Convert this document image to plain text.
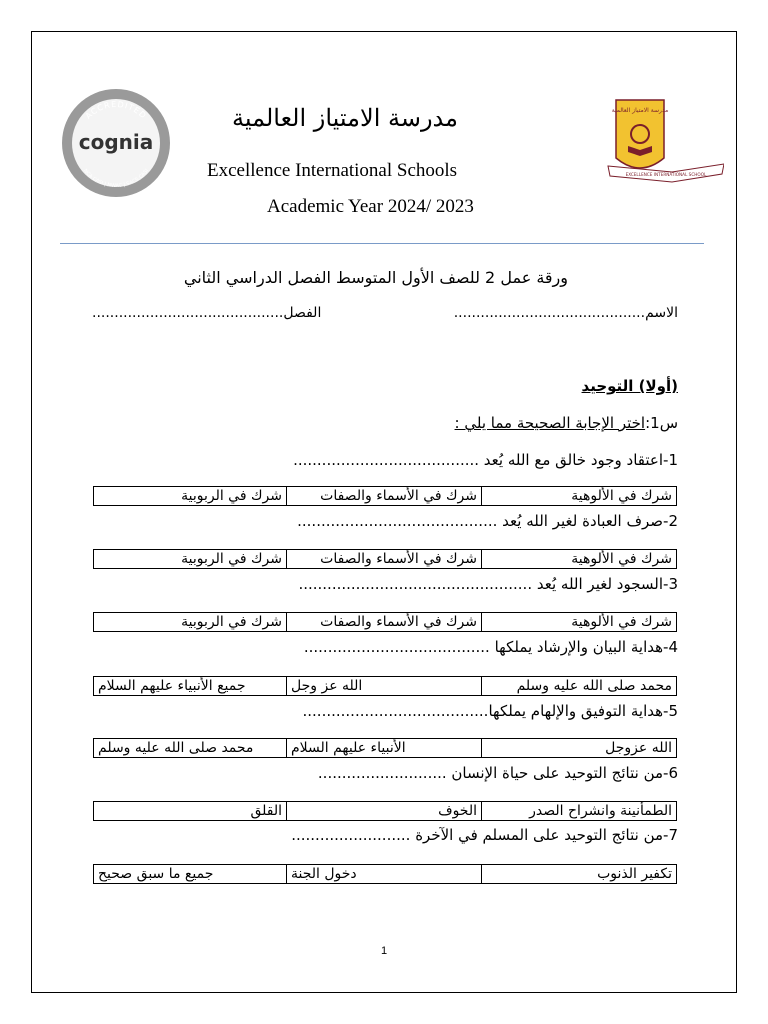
ACCREDITED
NCA CASI | NWAC | SACS CASI
cognia
مدرسة الامتياز العالمية
EXCELLENCE INTERNATIONAL SCHOOL
مدرسة الامتياز العالمية
Excellence International Schools
Academic Year 2024/ 2023
ورقة عمل 2 للصف الأول المتوسط الفصل الدراسي الثاني
الاسم...........................................
الفصل...........................................
(أولا) التوحيد
س1:اختر الإجابة الصحيحة مما يلي :
1-اعتقاد وجود خالق مع الله يُعد .......................................
شرك في الألوهية	شرك في الأسماء والصفات	شرك في الربوبية
2-صرف العبادة لغير الله يُعد ..........................................
شرك في الألوهية	شرك في الأسماء والصفات	شرك في الربوبية
3-السجود لغير الله يُعد .................................................
شرك في الألوهية	شرك في الأسماء والصفات	شرك في الربوبية
4-هداية البيان والإرشاد يملكها .......................................
محمد صلى الله عليه وسلم	الله عز وجل	جميع الأنبياء عليهم السلام
5-هداية التوفيق والإلهام يملكها.......................................
الله عزوجل	الأنبياء عليهم السلام	محمد صلى الله عليه وسلم
6-من نتائج التوحيد على حياة الإنسان ...........................
الطمأنينة وانشراح الصدر	الخوف	القلق
7-من نتائج التوحيد على المسلم في الآخرة .........................
تكفير الذنوب	دخول الجنة	جميع ما سبق صحيح
1
